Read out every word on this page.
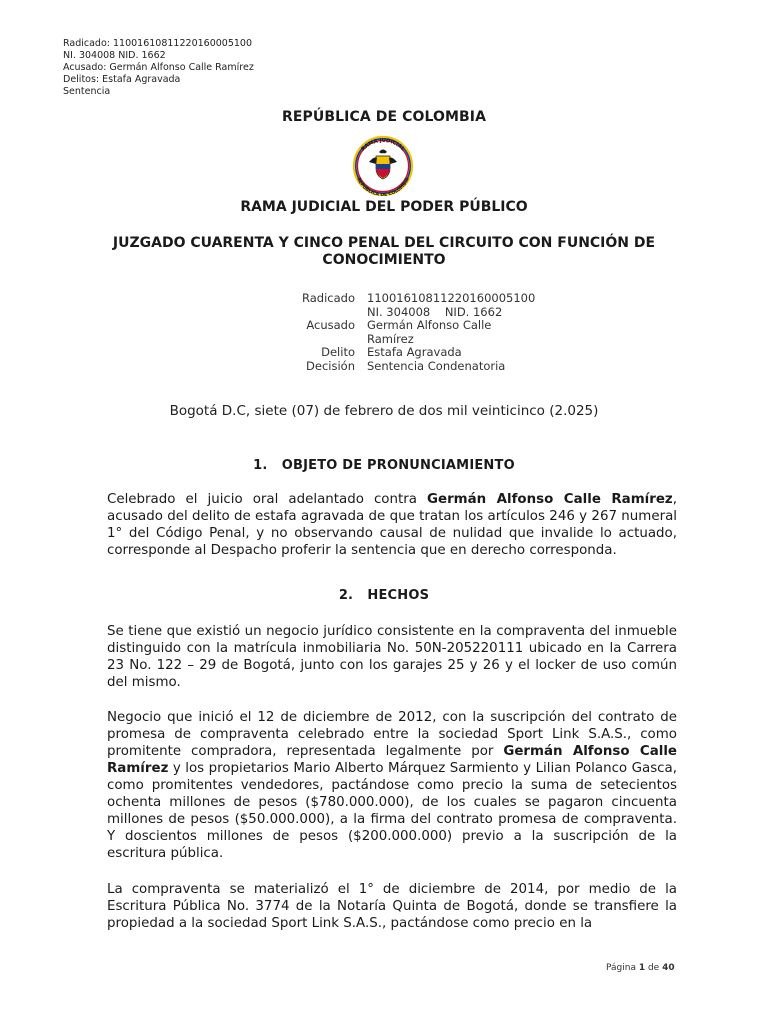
Radicado: 11001610811220160005100
NI. 304008 NID. 1662
Acusado: Germán Alfonso Calle Ramírez
Delitos: Estafa Agravada
Sentencia
REPÚBLICA DE COLOMBIA
RAMA JUDICIAL
REPÚBLICA DE COLOMBIA
RAMA JUDICIAL DEL PODER PÚBLICO
JUZGADO CUARENTA Y CINCO PENAL DEL CIRCUITO CON FUNCIÓN DE CONOCIMIENTO
Radicado	11001610811220160005100
	NI. 304008    NID. 1662
Acusado	Germán Alfonso Calle
	Ramírez
Delito	Estafa Agravada
Decisión	Sentencia Condenatoria
Bogotá D.C, siete (07) de febrero de dos mil veinticinco (2.025)
1.   OBJETO DE PRONUNCIAMIENTO
Celebrado el juicio oral adelantado contra Germán Alfonso Calle Ramírez, acusado del delito de estafa agravada de que tratan los artículos 246 y 267 numeral 1° del Código Penal, y no observando causal de nulidad que invalide lo actuado, corresponde al Despacho proferir la sentencia que en derecho corresponda.
2.   HECHOS
Se tiene que existió un negocio jurídico consistente en la compraventa del inmueble distinguido con la matrícula inmobiliaria No. 50N-205220111 ubicado en la Carrera 23 No. 122 – 29 de Bogotá, junto con los garajes 25 y 26 y el locker de uso común del mismo.
Negocio que inició el 12 de diciembre de 2012, con la suscripción del contrato de promesa de compraventa celebrado entre la sociedad Sport Link S.A.S., como promitente compradora, representada legalmente por Germán Alfonso Calle Ramírez y los propietarios Mario Alberto Márquez Sarmiento y Lilian Polanco Gasca, como promitentes vendedores, pactándose como precio la suma de setecientos ochenta millones de pesos ($780.000.000), de los cuales se pagaron cincuenta millones de pesos ($50.000.000), a la firma del contrato promesa de compraventa. Y doscientos millones de pesos ($200.000.000) previo a la suscripción de la escritura pública.
La compraventa se materializó el 1° de diciembre de 2014, por medio de la Escritura Pública No. 3774 de la Notaría Quinta de Bogotá, donde se transfiere la propiedad a la sociedad Sport Link S.A.S., pactándose como precio en la
Página 1 de 40
